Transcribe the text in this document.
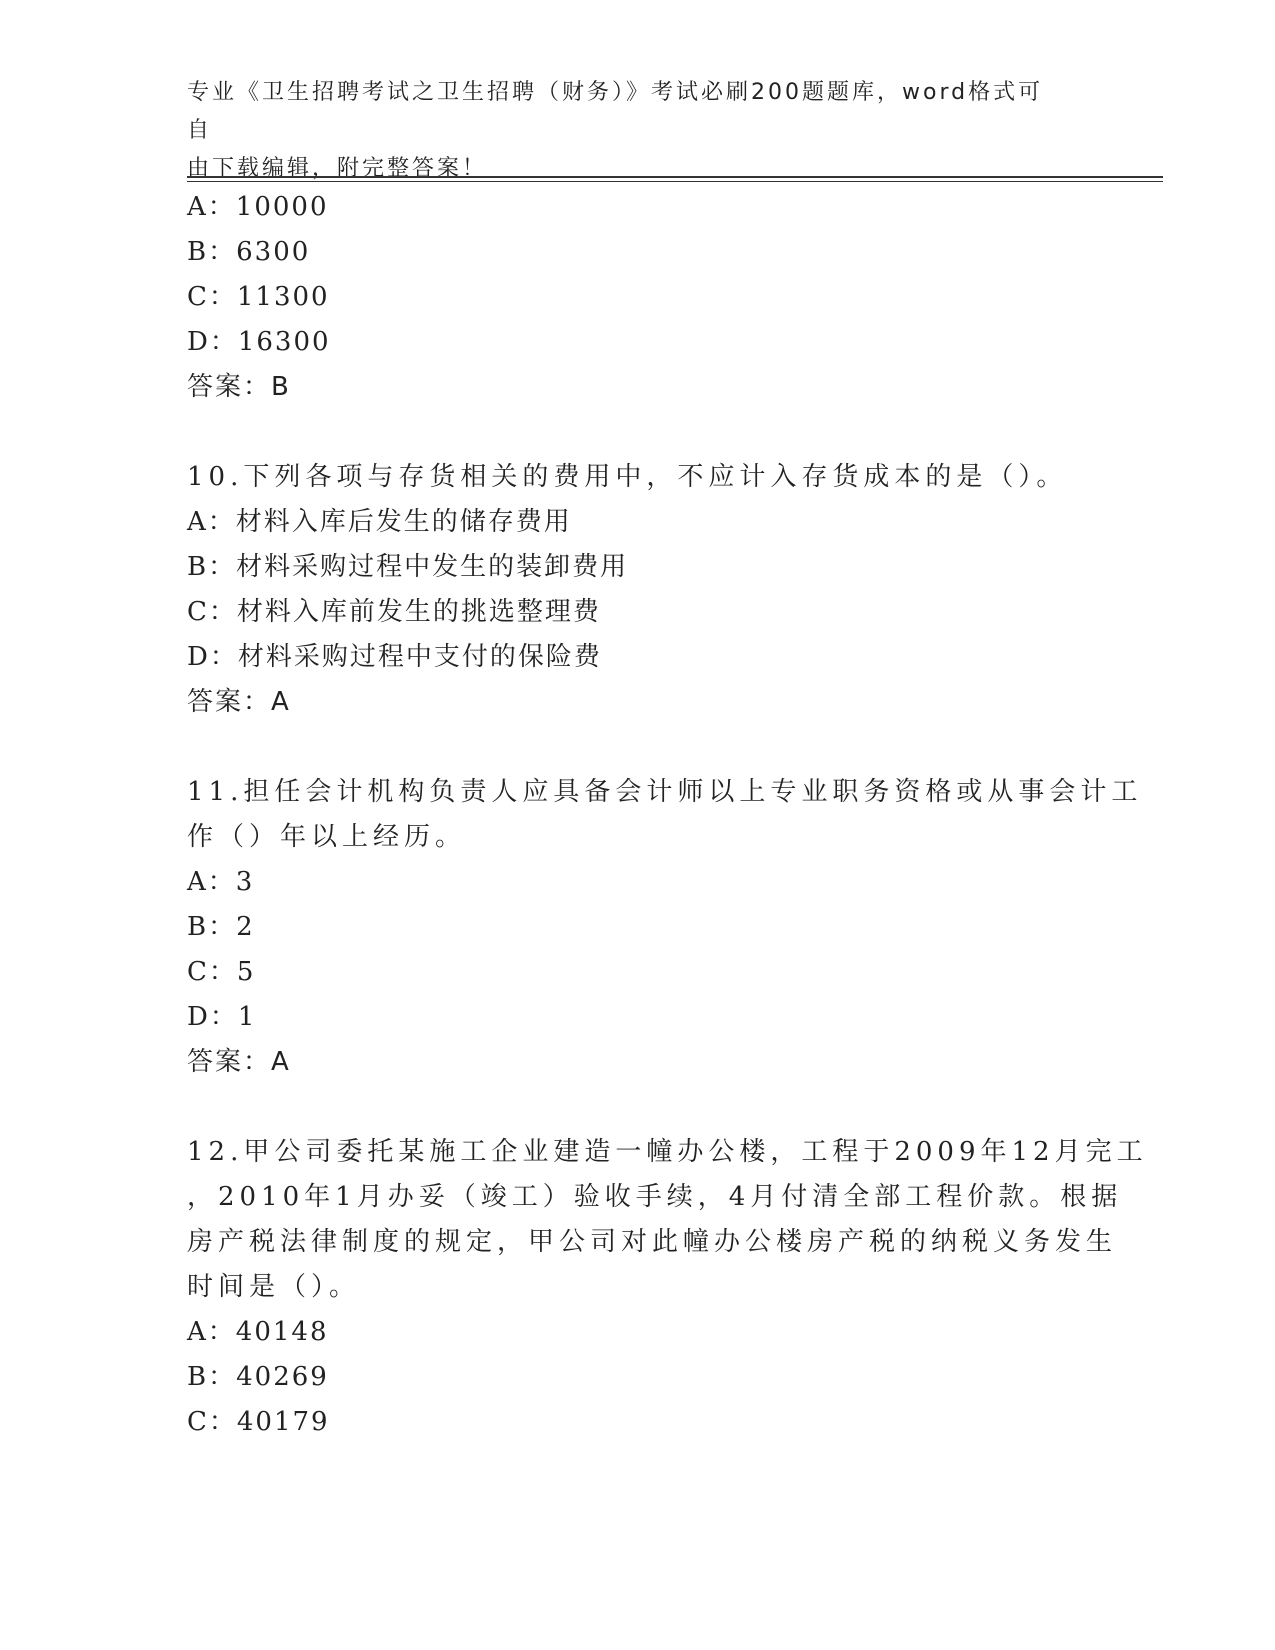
专业《卫生招聘考试之卫生招聘（财务）》考试必刷200题题库，word格式可自
由下载编辑，附完整答案！
A：10000
B：6300
C：11300
D：16300
答案：B
10.下列各项与存货相关的费用中，不应计入存货成本的是（）。
A：材料入库后发生的储存费用
B：材料采购过程中发生的装卸费用
C：材料入库前发生的挑选整理费
D：材料采购过程中支付的保险费
答案：A
11.担任会计机构负责人应具备会计师以上专业职务资格或从事会计工
作（）年以上经历。
A：3
B：2
C：5
D：1
答案：A
12.甲公司委托某施工企业建造一幢办公楼，工程于2009年12月完工
，2010年1月办妥（竣工）验收手续，4月付清全部工程价款。根据
房产税法律制度的规定，甲公司对此幢办公楼房产税的纳税义务发生
时间是（）。
A：40148
B：40269
C：40179
